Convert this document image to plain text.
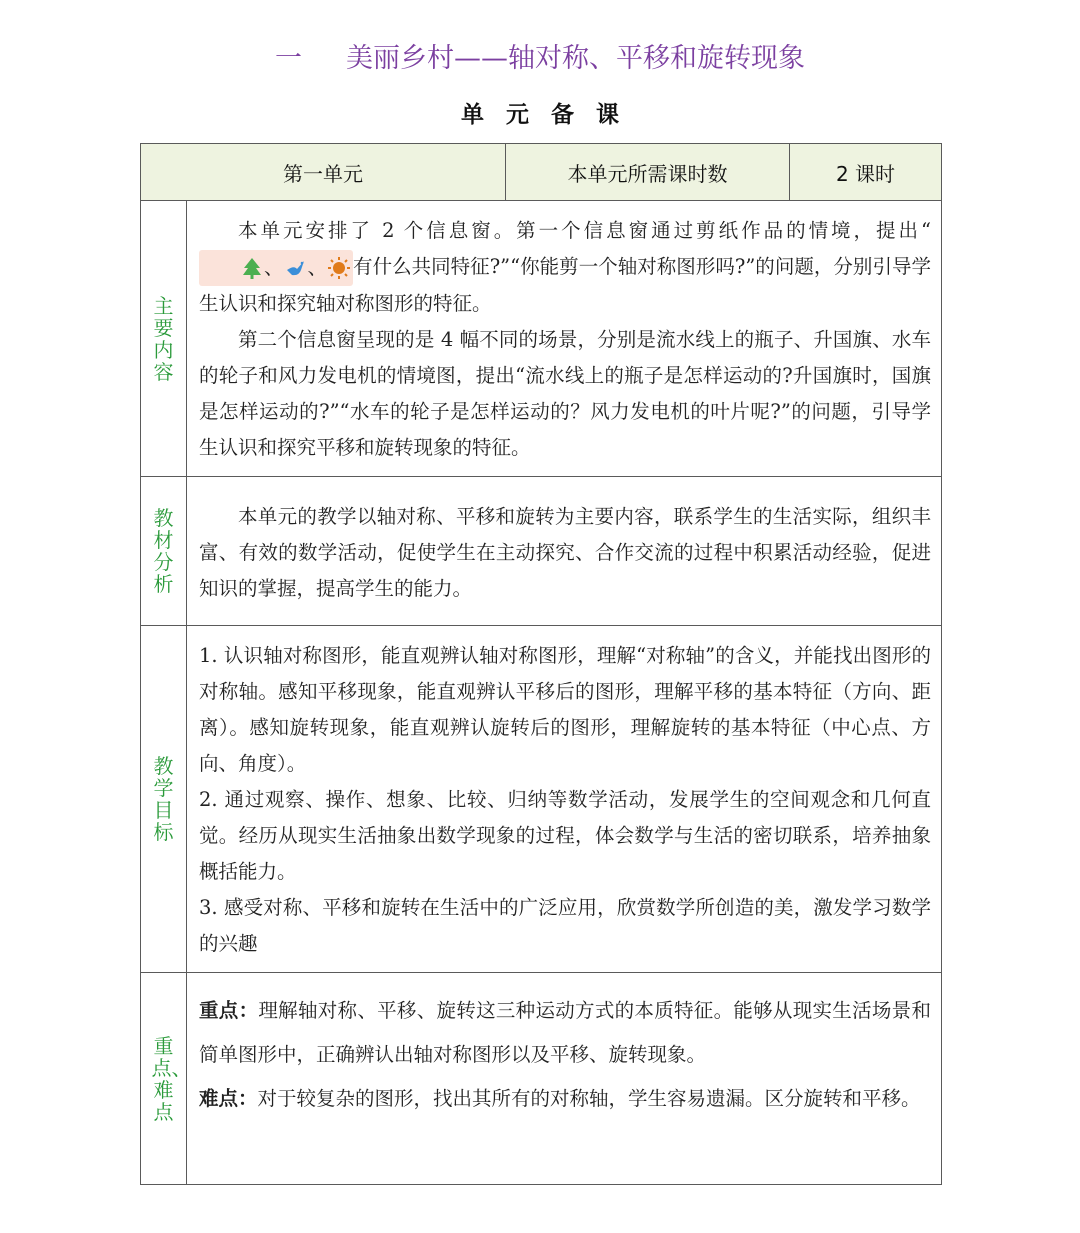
一 美丽乡村——轴对称、平移和旋转现象
单元备课
第一单元		本单元所需课时数	2 课时
主要内容	本单元安排了 2 个信息窗。第一个信息窗通过剪纸作品的情境，提出“、 、 有什么共同特征?”“你能剪一个轴对称图形吗?”的问题，分别引导学生认识和探究轴对称图形的特征。

第二个信息窗呈现的是 4 幅不同的场景，分别是流水线上的瓶子、升国旗、水车的轮子和风力发电机的情境图，提出“流水线上的瓶子是怎样运动的?升国旗时，国旗是怎样运动的?”“水车的轮子是怎样运动的？风力发电机的叶片呢?”的问题，引导学生认识和探究平移和旋转现象的特征。		

教材分析	本单元的教学以轴对称、平移和旋转为主要内容，联系学生的生活实际，组织丰富、有效的数学活动，促使学生在主动探究、合作交流的过程中积累活动经验，促进知识的掌握，提高学生的能力。		

教学目标	1. 认识轴对称图形，能直观辨认轴对称图形，理解“对称轴”的含义，并能找出图形的对称轴。感知平移现象，能直观辨认平移后的图形，理解平移的基本特征（方向、距离）。感知旋转现象，能直观辨认旋转后的图形，理解旋转的基本特征（中心点、方向、角度）。

2. 通过观察、操作、想象、比较、归纳等数学活动，发展学生的空间观念和几何直觉。经历从现实生活抽象出数学现象的过程，体会数学与生活的密切联系，培养抽象概括能力。

3. 感受对称、平移和旋转在生活中的广泛应用，欣赏数学所创造的美，激发学习数学的兴趣		

重点、难点	重点：理解轴对称、平移、旋转这三种运动方式的本质特征。能够从现实生活场景和简单图形中，正确辨认出轴对称图形以及平移、旋转现象。

难点：对于较复杂的图形，找出其所有的对称轴，学生容易遗漏。区分旋转和平移。		
